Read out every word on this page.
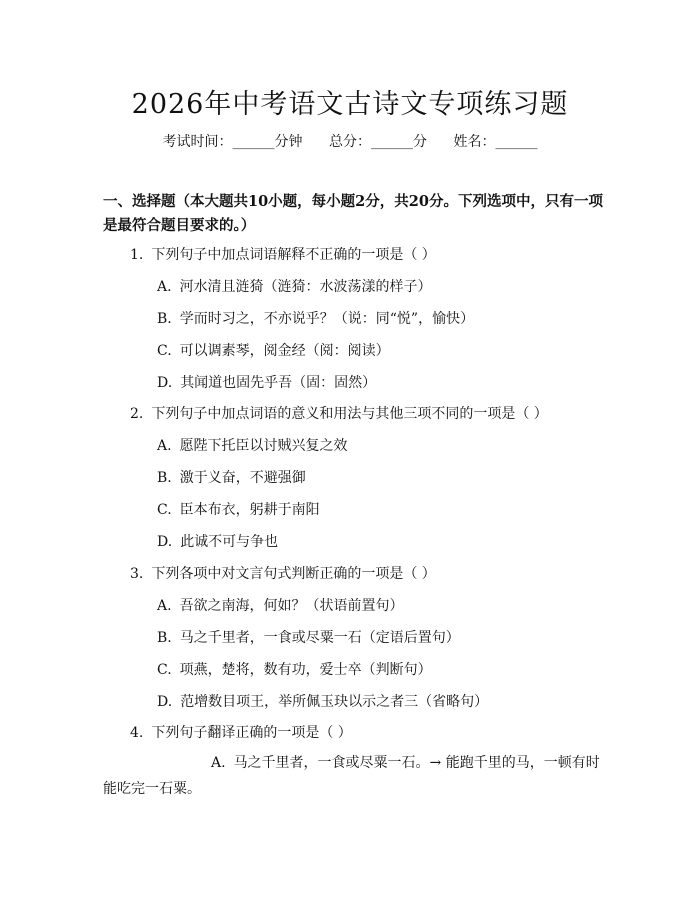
2026年中考语文古诗文专项练习题
考试时间：______分钟 总分：______分 姓名：______

一、选择题（本大题共10小题，每小题2分，共20分。下列选项中，只有一项是最符合题目要求的。）

1. 下列句子中加点词语解释不正确的一项是（ ）

A. 河水清且涟猗（涟猗：水波荡漾的样子）

B. 学而时习之，不亦说乎？（说：同“悦”，愉快）

C. 可以调素琴，阅金经（阅：阅读）

D. 其闻道也固先乎吾（固：固然）

2. 下列句子中加点词语的意义和用法与其他三项不同的一项是（ ）

A. 愿陛下托臣以讨贼兴复之效

B. 激于义奋，不避强御

C. 臣本布衣，躬耕于南阳

D. 此诚不可与争也

3. 下列各项中对文言句式判断正确的一项是（ ）

A. 吾欲之南海，何如？（状语前置句）

B. 马之千里者，一食或尽粟一石（定语后置句）

C. 项燕，楚将，数有功，爱士卒（判断句）

D. 范增数目项王，举所佩玉玦以示之者三（省略句）

4. 下列句子翻译正确的一项是（ ）

A. 马之千里者，一食或尽粟一石。→ 能跑千里的马，一顿有时能吃完一石粟。
